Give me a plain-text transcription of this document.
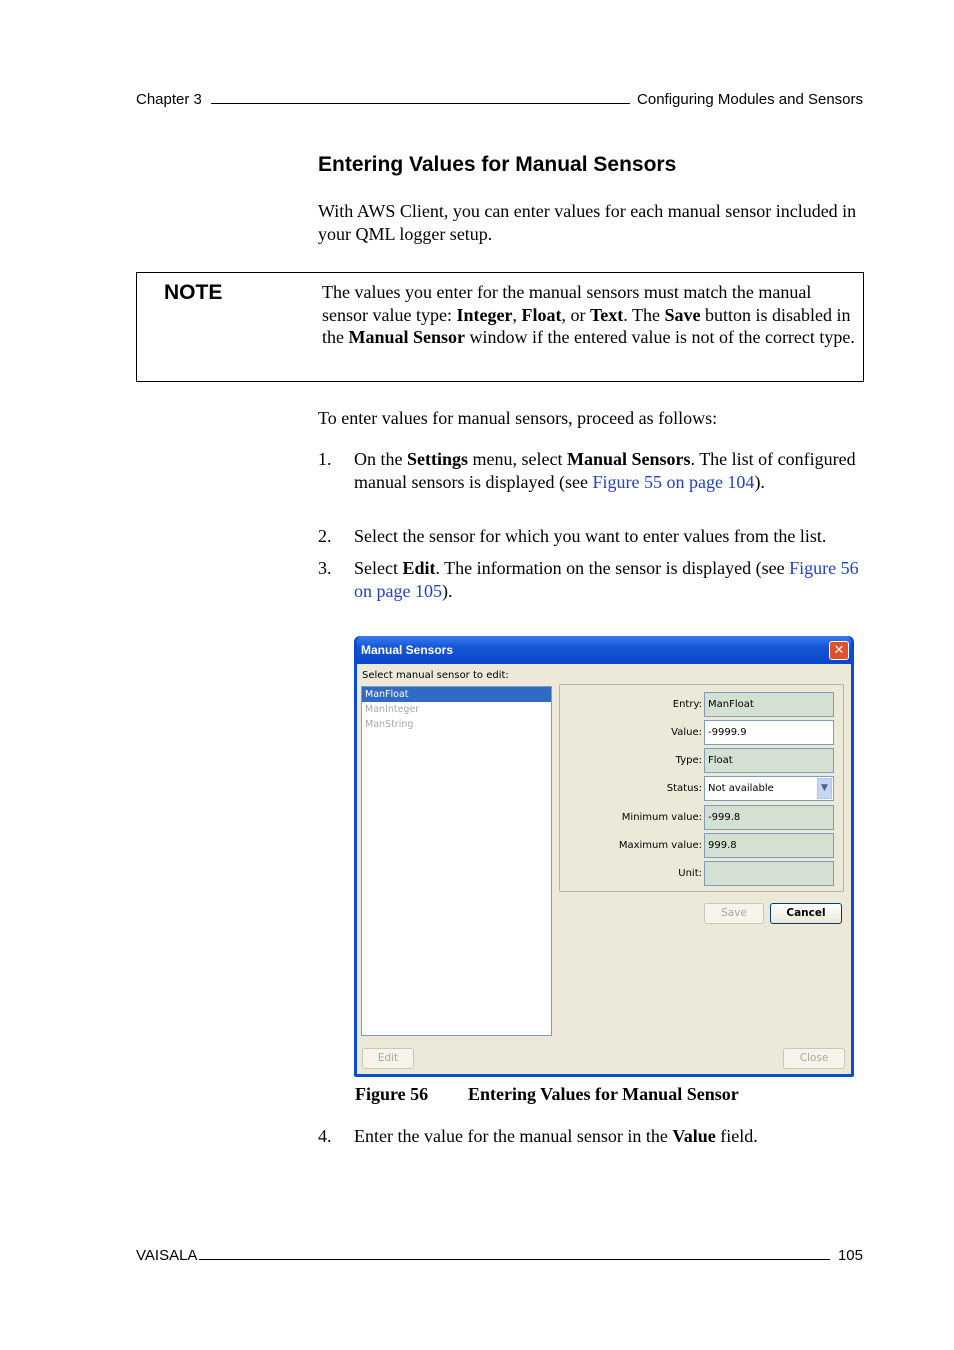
Chapter 3	Configuring Modules and Sensors
Entering Values for Manual Sensors
With AWS Client, you can enter values for each manual sensor included in your QML logger setup.
NOTE	The values you enter for the manual sensors must match the manual sensor value type: Integer, Float, or Text. The Save button is disabled in the Manual Sensor window if the entered value is not of the correct type.
To enter values for manual sensors, proceed as follows:
1. On the Settings menu, select Manual Sensors. The list of configured manual sensors is displayed (see Figure 55 on page 104).
2. Select the sensor for which you want to enter values from the list.
3. Select Edit. The information on the sensor is displayed (see Figure 56 on page 105).
Manual Sensors	✕
Select manual sensor to edit:
ManFloat
ManInteger
ManString
Entry: ManFloat
Value: -9999.9
Type: Float
Status: Not available	▼
Minimum value: -999.8
Maximum value: 999.8
Unit:
Save	Cancel
Edit	Close
Figure 56 Entering Values for Manual Sensor
4. Enter the value for the manual sensor in the Value field.
VAISALA	105
